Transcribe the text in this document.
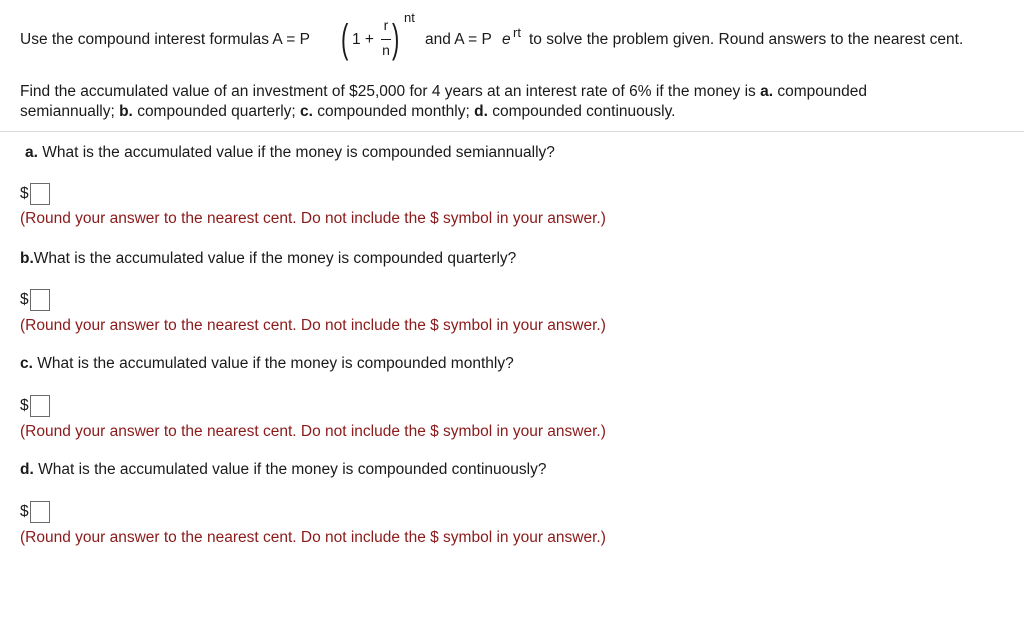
Use the compound interest formulas A = P ( 1 +
r
n ) nt
and A = P e rt to solve the problem given. Round answers to the nearest cent.
Find the accumulated value of an investment of $25,000 for 4 years at an interest rate of 6% if the money is a. compounded
semiannually; b. compounded quarterly; c. compounded monthly; d. compounded continuously.
a. What is the accumulated value if the money is compounded semiannually?
$
(Round your answer to the nearest cent. Do not include the $ symbol in your answer.)
b.What is the accumulated value if the money is compounded quarterly?
$
(Round your answer to the nearest cent. Do not include the $ symbol in your answer.)
c. What is the accumulated value if the money is compounded monthly?
$
(Round your answer to the nearest cent. Do not include the $ symbol in your answer.)
d. What is the accumulated value if the money is compounded continuously?
$
(Round your answer to the nearest cent. Do not include the $ symbol in your answer.)
